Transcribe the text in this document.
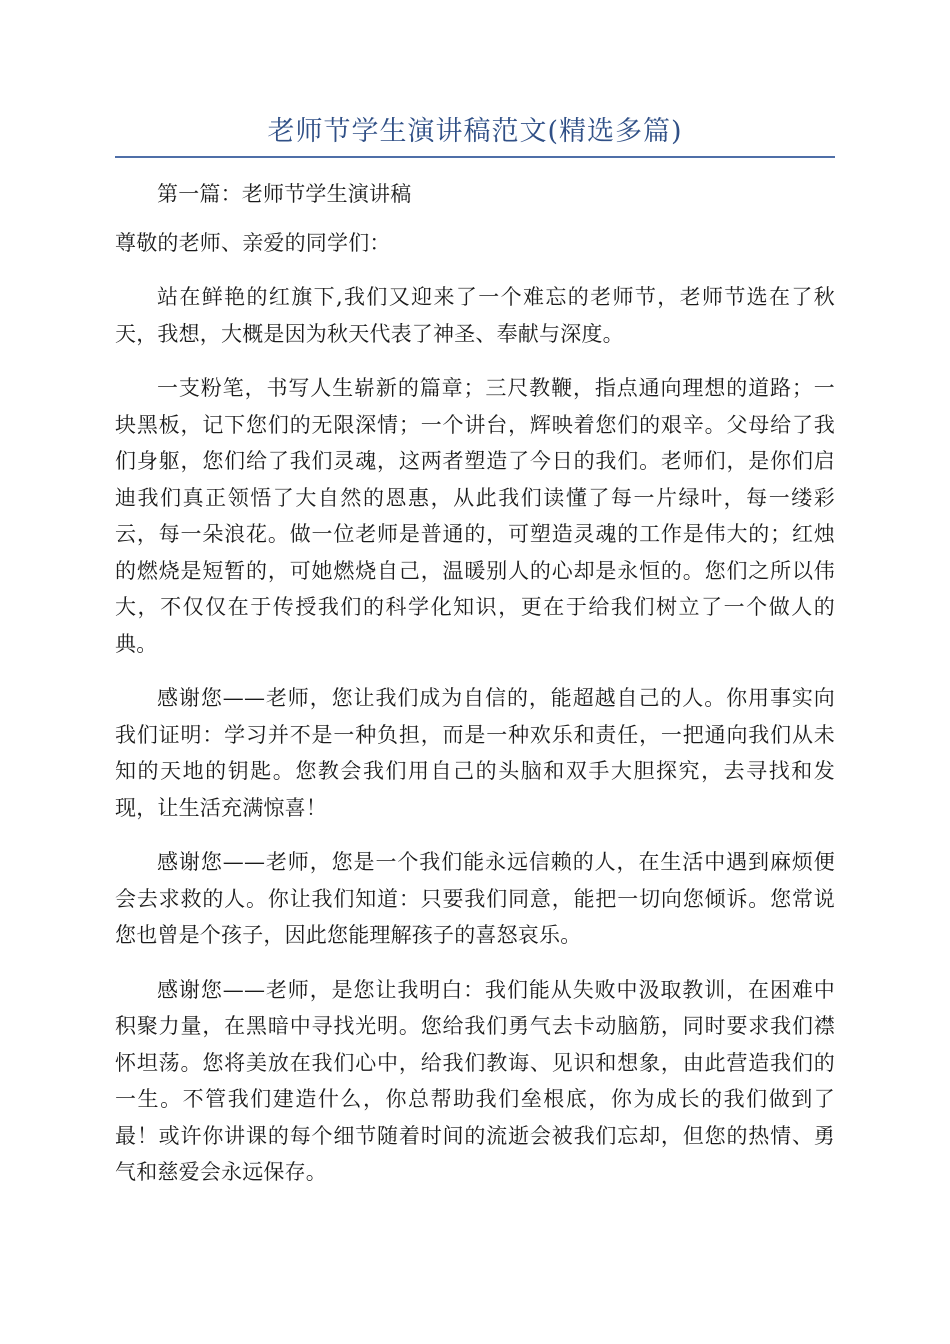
老师节学生演讲稿范文(精选多篇)

第一篇：老师节学生演讲稿

尊敬的老师、亲爱的同学们：

站在鲜艳的红旗下,我们又迎来了一个难忘的老师节，老师节选在了秋天，我想，大概是因为秋天代表了神圣、奉献与深度。

一支粉笔，书写人生崭新的篇章；三尺教鞭，指点通向理想的道路；一块黑板，记下您们的无限深情；一个讲台，辉映着您们的艰辛。父母给了我们身躯，您们给了我们灵魂，这两者塑造了今日的我们。老师们，是你们启迪我们真正领悟了大自然的恩惠，从此我们读懂了每一片绿叶，每一缕彩云，每一朵浪花。做一位老师是普通的，可塑造灵魂的工作是伟大的；红烛的燃烧是短暂的，可她燃烧自己，温暖别人的心却是永恒的。您们之所以伟大，不仅仅在于传授我们的科学化知识，更在于给我们树立了一个做人的典。

感谢您——老师，您让我们成为自信的，能超越自己的人。你用事实向我们证明：学习并不是一种负担，而是一种欢乐和责任，一把通向我们从未知的天地的钥匙。您教会我们用自己的头脑和双手大胆探究，去寻找和发现，让生活充满惊喜！

感谢您——老师，您是一个我们能永远信赖的人，在生活中遇到麻烦便会去求救的人。你让我们知道：只要我们同意，能把一切向您倾诉。您常说您也曾是个孩子，因此您能理解孩子的喜怒哀乐。

感谢您——老师，是您让我明白：我们能从失败中汲取教训，在困难中积聚力量，在黑暗中寻找光明。您给我们勇气去卡动脑筋，同时要求我们襟怀坦荡。您将美放在我们心中，给我们教诲、见识和想象，由此营造我们的一生。不管我们建造什么，你总帮助我们垒根底，你为成长的我们做到了最！或许你讲课的每个细节随着时间的流逝会被我们忘却，但您的热情、勇气和慈爱会永远保存。
